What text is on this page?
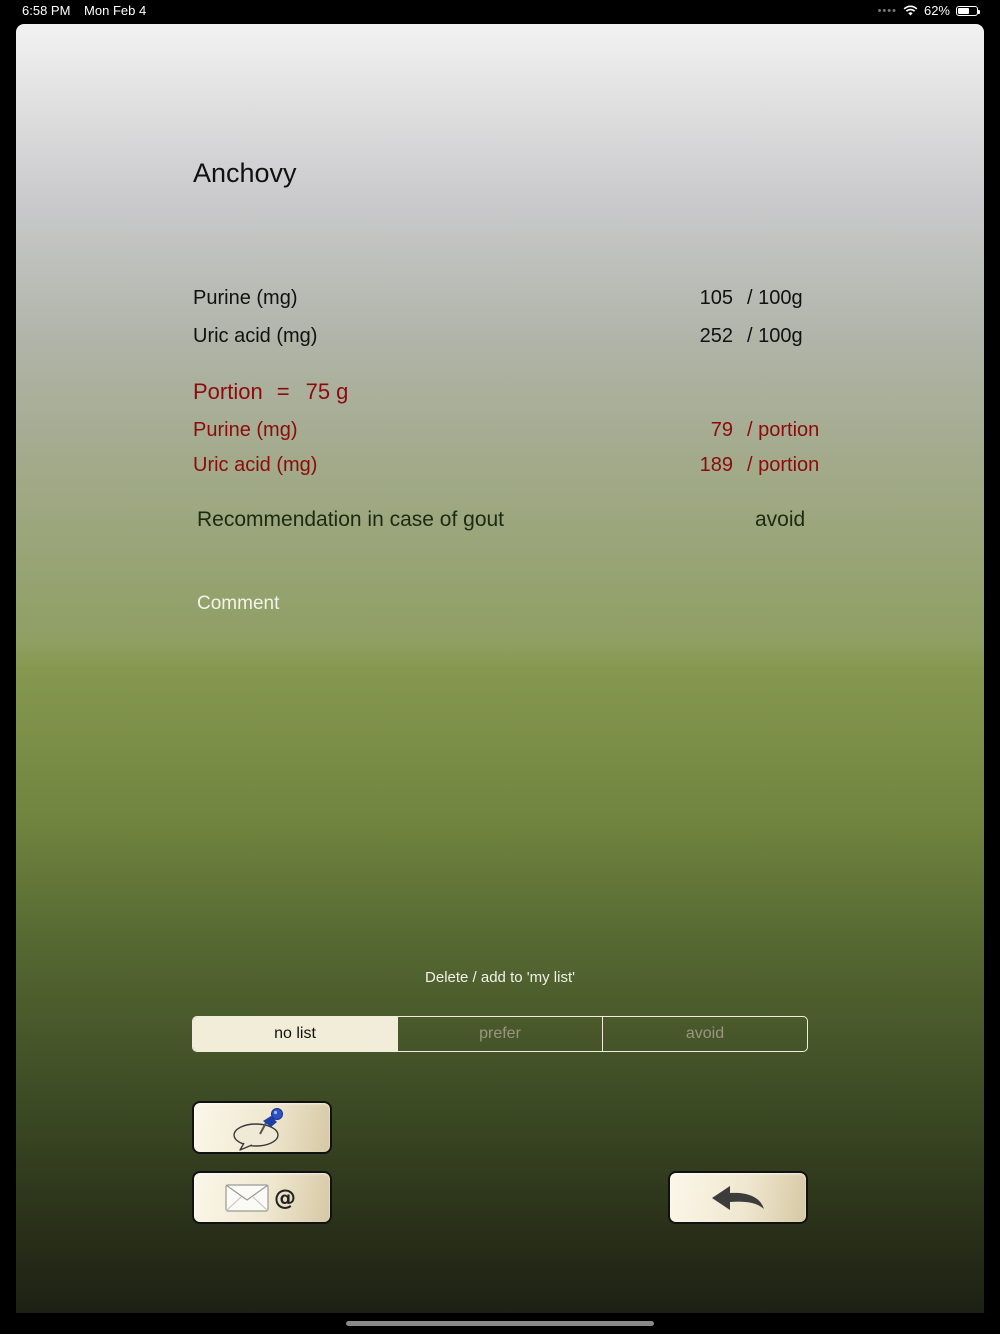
6:58 PM Mon Feb 4	•••• 62%
Anchovy
Purine (mg)	105 / 100g
Uric acid (mg)	252 / 100g
Portion = 75 g
Purine (mg)	79 / portion
Uric acid (mg)	189 / portion
Recommendation in case of gout	avoid
Comment
Delete / add to 'my list'
no list	prefer	avoid
@
